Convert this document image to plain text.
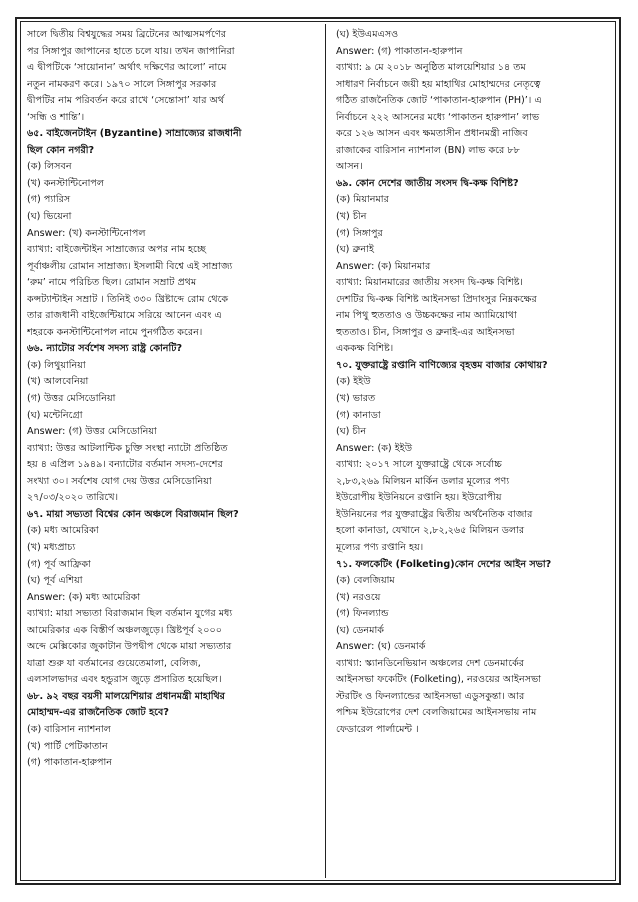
সালে দ্বিতীয় বিশ্বযুদ্ধের সময় ব্রিটেনের আত্মসমর্পণের

পর সিঙ্গাপুর জাপানের হাতে চলে যায়। তখন জাপানিরা

এ দ্বীপটিকে ‘সায়োনান’ অর্থাৎ দক্ষিণের আলো’ নামে

নতুন নামকরণ করে। ১৯৭০ সালে সিঙ্গাপুর সরকার

দ্বীপটির নাম পরিবর্তন করে রাখে ‘সেন্তোসা’ যার অর্থ

‘সন্ধি ও শান্তি’।

৬৫. বাইজেনটাইন (Byzantine) সাম্রাজ্যের রাজধানী

ছিল কোন নগরী?

(ক) লিসবন

(খ) কনস্টান্টিনোপল

(গ) প্যারিস

(ঘ) ভিয়েনা

Answer: (খ) কনস্টান্টিনোপল

ব্যাখ্যা: বাইজেন্টাইন সাম্রাজ্যের অপর নাম হচ্ছে

পূর্বাঞ্চলীয় রোমান সাম্রাজ্য। ইসলামী বিশ্বে এই সাম্রাজ্য

‘রুম’ নামে পরিচিত ছিল। রোমান সম্রাট প্রথম

কন্সট্যান্টাইন সম্রাট । তিনিই ৩৩০ খ্রিষ্টাব্দে রোম থেকে

তার রাজধানী বাইজেন্টিয়ামে সরিয়ে আনেন এবং এ

শহরকে কনস্টান্টিনোপল নামে পুনর্গঠিত করেন।

৬৬. ন্যাটোর সর্বশেষ সদস্য রাষ্ট্র কোনটি?

(ক) লিথুয়ানিয়া

(খ) আলবেনিয়া

(গ) উত্তর মেসিডোনিয়া

(ঘ) মন্টেনিগ্রো

Answer: (গ) উত্তর মেসিডোনিয়া

ব্যাখ্যা: উত্তর আটলান্টিক চুক্তি সংস্থা ন্যাটো প্রতিষ্ঠিত

হয় ৪ এপ্রিল ১৯৪৯। বন্যাটোর বর্তমান সদস্য-দেশের

সংখ্যা ৩০। সর্বশেষ যোগ দেয় উত্তর মেসিডোনিয়া

২৭/০৩/২০২০ তারিখে।

৬৭. মায়া সভ্যতা বিশ্বের কোন অঞ্চলে বিরাজমান ছিল?

(ক) মধ্য আমেরিকা

(খ) মধ্যপ্রাচ্য

(গ) পূর্ব আফ্রিকা

(ঘ) পূর্ব এশিয়া

Answer: (ক) মধ্য আমেরিকা

ব্যাখ্যা: মায়া সভ্যতা বিরাজমান ছিল বর্তমান যুগের মধ্য

আমেরিকার এক বিস্তীর্ণ অঞ্চলজুড়ে। খ্রিষ্টপূর্ব ২০০০

অব্দে মেক্সিকোর জুকাটান উপদ্বীপ থেকে মায়া সভ্যতার

যাত্রা শুরু যা বর্তমানের গুয়েতেমালা, বেলিজ,

এলসালভাদর এবং হন্ডুরাস জুড়ে প্রসারিত হয়েছিল।

৬৮. ৯২ বছর বয়সী মালয়েশিয়ার প্রধানমন্ত্রী মাহাথির

মোহাম্মদ-এর রাজনৈতিক জোট হবে?

(ক) বারিসান ন্যাশনাল

(খ) পার্টি পেটিকাতান

(গ) পাকাতান-হারুপান

(ঘ) ইউএমএসও

Answer: (গ) পাকাতান-হারুপান

ব্যাখ্যা: ৯ মে ২০১৮ অনুষ্ঠিত মালয়েশিয়ার ১৪ তম

সাধারণ নির্বাচনে জয়ী হয় মাহাথির মোহাম্মদের নেতৃত্বে

গঠিত রাজনৈতিক জোট ‘পাকাতান-হারুপান (PH)’। এ

নির্বাচনে ২২২ আসনের মধ্যে ‘পাকাতন হারুপান’ লাভ

করে ১২৬ আসন এবং ক্ষমতাসীন প্রধানমন্ত্রী নাজিব

রাজাকের বারিসান ন্যাশনাল (BN) লাভ করে ৮৮

আসন।

৬৯. কোন দেশের জাতীয় সংসদ দ্বি-কক্ষ বিশিষ্ট?

(ক) মিয়ানমার

(খ) চীন

(গ) সিঙ্গাপুর

(ঘ) ব্রুনাই

Answer: (ক) মিয়ানমার

ব্যাখ্যা: মিয়ানমারের জাতীয় সংসদ দ্বি-কক্ষ বিশিষ্ট।

দেশটির দ্বি-কক্ষ বিশিষ্ট আইনসভা প্রিদাংসুর নিম্নকক্ষের

নাম পিথু হুততাও ও উচ্চকক্ষের নাম অ্যামিয়োথা

হুততাও। চীন, সিঙ্গাপুর ও ব্রুনাই-এর আইনসভা

এককক্ষ বিশিষ্ট।

৭০. যুক্তরাষ্ট্রে রপ্তানি বাণিজ্যের বৃহত্তম বাজার কোথায়?

(ক) ইইউ

(খ) ভারত

(গ) কানাডা

(ঘ) চীন

Answer: (ক) ইইউ

ব্যাখ্যা: ২০১৭ সালে যুক্তরাষ্ট্রে থেকে সর্বোচ্চ

২,৮৩,২৬৯ মিলিয়ন মার্কিন ডলার মূল্যের পণ্য

ইউরোপীয় ইউনিয়নে রপ্তানি হয়। ইউরোপীয়

ইউনিয়নের পর যুক্তরাষ্ট্রের দ্বিতীয় অর্থনৈতিক বাজার

হলো কানাডা, যেখানে ২,৮২,২৬৫ মিলিয়ন ডলার

মূল্যের পণ্য রপ্তানি হয়।

৭১. ফলকেটিং (Folketing)কোন দেশের আইন সভা?

(ক) বেলজিয়াম

(খ) নরওয়ে

(গ) ফিনল্যান্ড

(ঘ) ডেনমার্ক

Answer: (ঘ) ডেনমার্ক

ব্যাখ্যা: স্ক্যানডিনেভিয়ান অঞ্চলের দেশ ডেনমার্কের

আইনসভা ফকেটিং (Folketing), নরওয়ের আইনসভা

স্টরটিং ও ফিনল্যান্ডের আইনসভা এডুসকুন্তা। আর

পশ্চিম ইউরোপের দেশ বেলজিয়ামের আইনসভায় নাম

ফেডারেল পার্লামেন্ট ।
